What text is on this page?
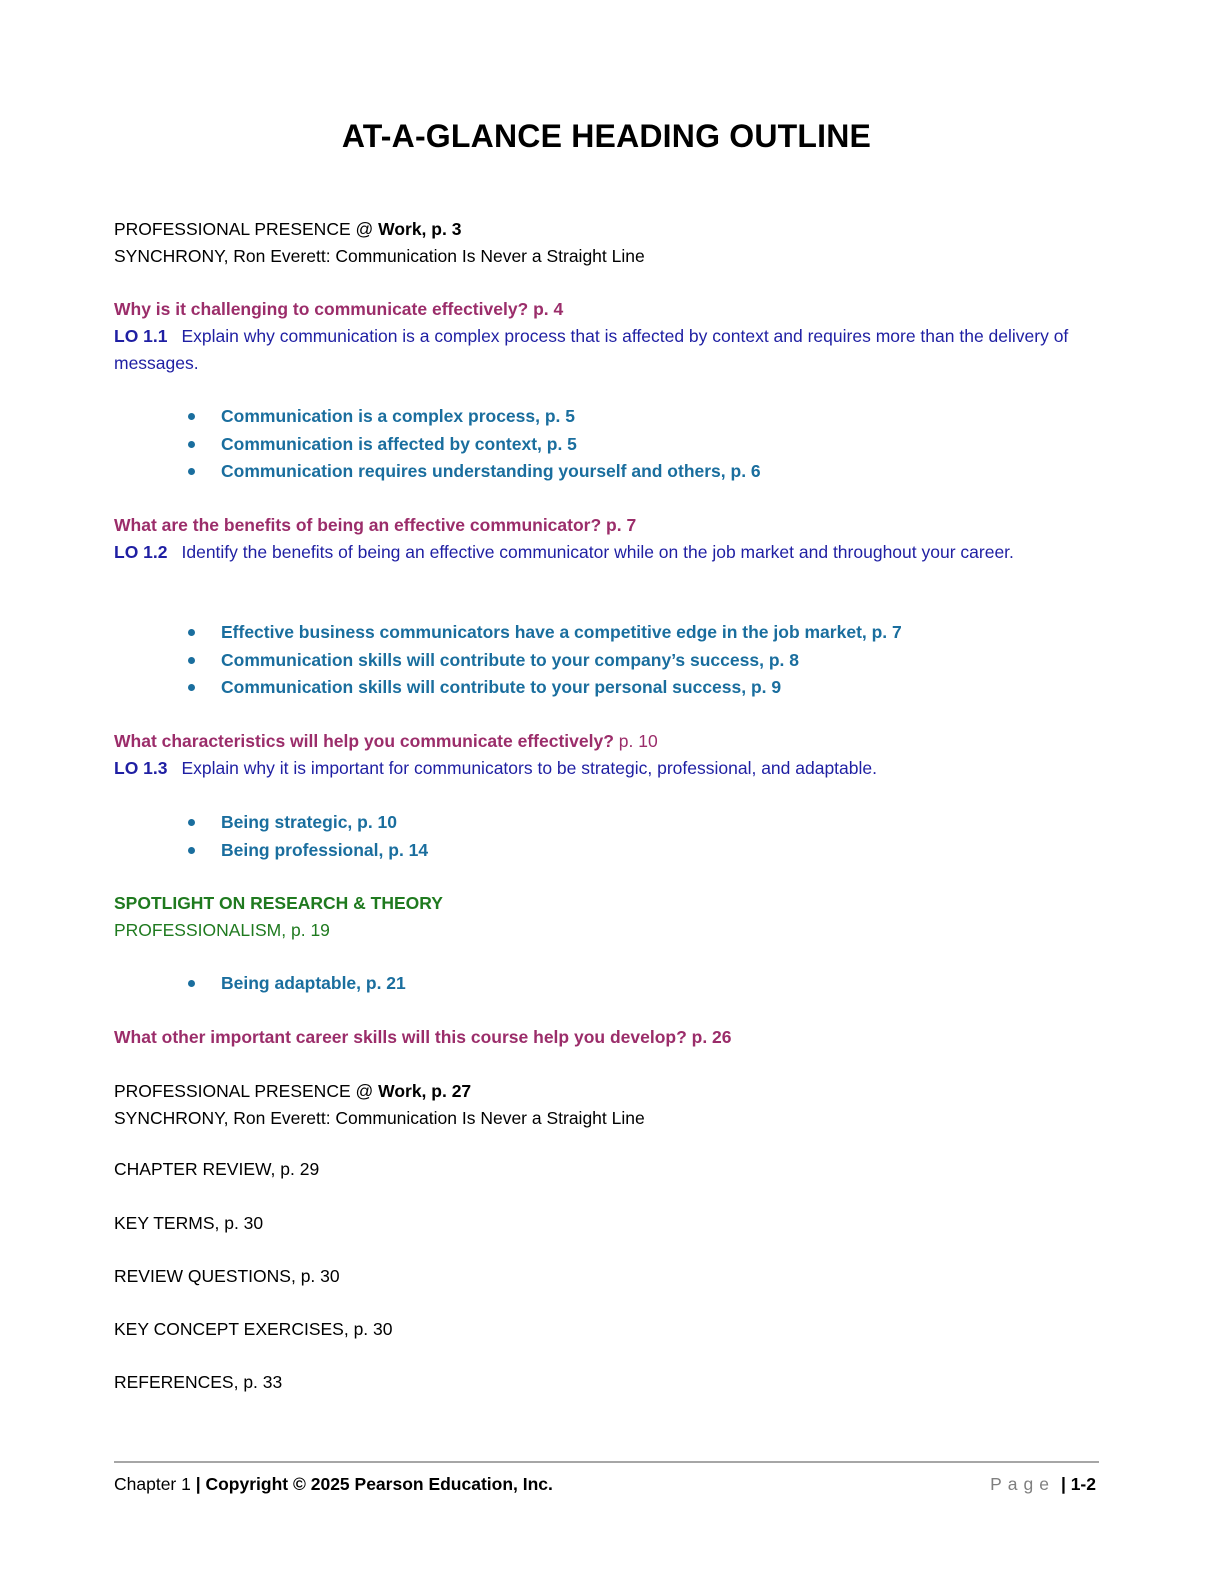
AT-A-GLANCE HEADING OUTLINE
PROFESSIONAL PRESENCE @ Work, p. 3
SYNCHRONY, Ron Everett: Communication Is Never a Straight Line
Why is it challenging to communicate effectively? p. 4
LO 1.1 Explain why communication is a complex process that is affected by context and requires more than the delivery of messages.
Communication is a complex process, p. 5
Communication is affected by context, p. 5
Communication requires understanding yourself and others, p. 6
What are the benefits of being an effective communicator? p. 7
LO 1.2 Identify the benefits of being an effective communicator while on the job market and throughout your career.
Effective business communicators have a competitive edge in the job market, p. 7
Communication skills will contribute to your company’s success, p. 8
Communication skills will contribute to your personal success, p. 9
What characteristics will help you communicate effectively? p. 10
LO 1.3 Explain why it is important for communicators to be strategic, professional, and adaptable.
Being strategic, p. 10
Being professional, p. 14
SPOTLIGHT ON RESEARCH & THEORY
PROFESSIONALISM, p. 19
Being adaptable, p. 21
What other important career skills will this course help you develop? p. 26
PROFESSIONAL PRESENCE @ Work, p. 27
SYNCHRONY, Ron Everett: Communication Is Never a Straight Line
CHAPTER REVIEW, p. 29
KEY TERMS, p. 30
REVIEW QUESTIONS, p. 30
KEY CONCEPT EXERCISES, p. 30
REFERENCES, p. 33
Chapter 1 | Copyright © 2025 Pearson Education, Inc.	Page | 1-2
